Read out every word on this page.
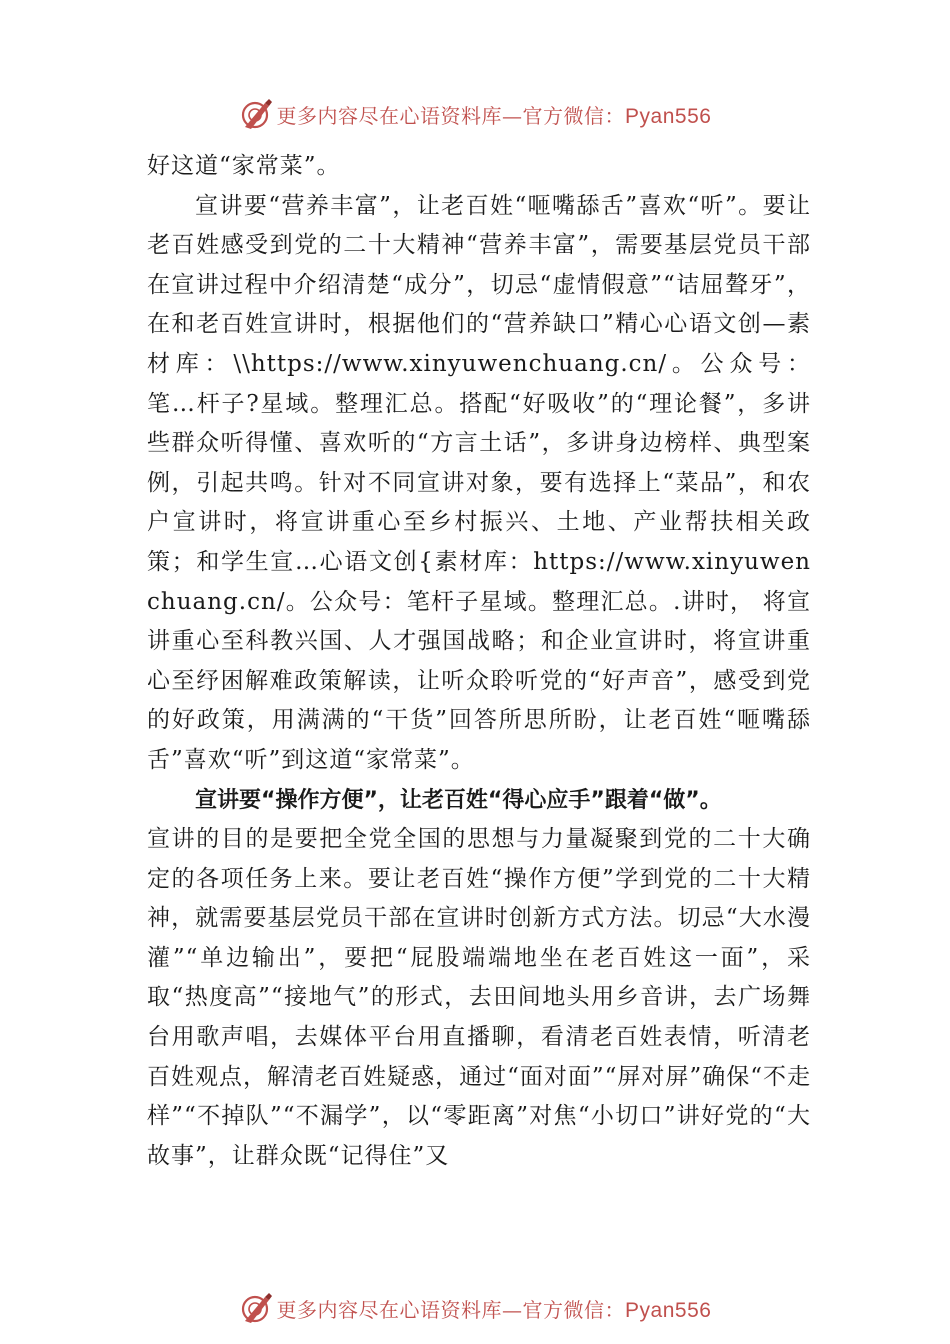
更多内容尽在心语资料库—官方微信：Pyan556

好这道“家常菜”。

宣讲要“营养丰富”，让老百姓“咂嘴舔舌”喜欢“听”。要让老百姓感受到党的二十大精神“营养丰富”，需要基层党员干部在宣讲过程中介绍清楚“成分”，切忌“虚情假意”“诘屈聱牙”，在和老百姓宣讲时，根据他们的“营养缺口”精心心语文创—素材库：\\https://www.xinyuwenchuang.cn/。公众号：笔…杆子?星域。整理汇总。搭配“好吸收”的“理论餐”，多讲些群众听得懂、喜欢听的“方言土话”，多讲身边榜样、典型案例，引起共鸣。针对不同宣讲对象，要有选择上“菜品”，和农户宣讲时，将宣讲重心至乡村振兴、土地、产业帮扶相关政策；和学生宣…心语文创{素材库：https://www.xinyuwenchuang.cn/。公众号：笔杆子星域。整理汇总。.讲时， 将宣讲重心至科教兴国、人才强国战略；和企业宣讲时，将宣讲重心至纾困解难政策解读，让听众聆听党的“好声音”，感受到党的好政策，用满满的“干货”回答所思所盼，让老百姓“咂嘴舔舌”喜欢“听”到这道“家常菜”。

宣讲要“操作方便”，让老百姓“得心应手”跟着“做”。

宣讲的目的是要把全党全国的思想与力量凝聚到党的二十大确定的各项任务上来。要让老百姓“操作方便”学到党的二十大精神，就需要基层党员干部在宣讲时创新方式方法。切忌“大水漫灌”“单边输出”，要把“屁股端端地坐在老百姓这一面”，采取“热度高”“接地气”的形式，去田间地头用乡音讲，去广场舞台用歌声唱，去媒体平台用直播聊，看清老百姓表情，听清老百姓观点，解清老百姓疑惑，通过“面对面”“屏对屏”确保“不走样”“不掉队”“不漏学”，以“零距离”对焦“小切口”讲好党的“大故事”，让群众既“记得住”又

更多内容尽在心语资料库—官方微信：Pyan556
